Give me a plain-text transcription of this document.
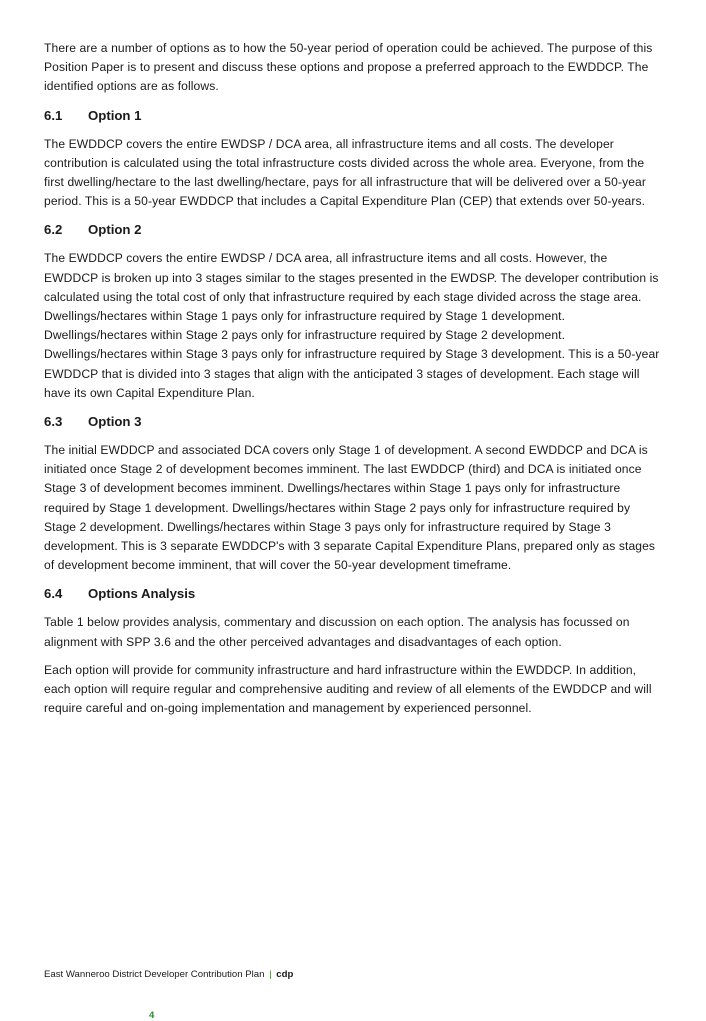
There are a number of options as to how the 50-year period of operation could be achieved. The purpose of this Position Paper is to present and discuss these options and propose a preferred approach to the EWDDCP. The identified options are as follows.

6.1	Option 1

The EWDDCP covers the entire EWDSP / DCA area, all infrastructure items and all costs. The developer contribution is calculated using the total infrastructure costs divided across the whole area. Everyone, from the first dwelling/hectare to the last dwelling/hectare, pays for all infrastructure that will be delivered over a 50-year period. This is a 50-year EWDDCP that includes a Capital Expenditure Plan (CEP) that extends over 50-years.

6.2	Option 2

The EWDDCP covers the entire EWDSP / DCA area, all infrastructure items and all costs. However, the EWDDCP is broken up into 3 stages similar to the stages presented in the EWDSP. The developer contribution is calculated using the total cost of only that infrastructure required by each stage divided across the stage area. Dwellings/hectares within Stage 1 pays only for infrastructure required by Stage 1 development. Dwellings/hectares within Stage 2 pays only for infrastructure required by Stage 2 development. Dwellings/hectares within Stage 3 pays only for infrastructure required by Stage 3 development. This is a 50-year EWDDCP that is divided into 3 stages that align with the anticipated 3 stages of development. Each stage will have its own Capital Expenditure Plan.

6.3	Option 3

The initial EWDDCP and associated DCA covers only Stage 1 of development. A second EWDDCP and DCA is initiated once Stage 2 of development becomes imminent. The last EWDDCP (third) and DCA is initiated once Stage 3 of development becomes imminent. Dwellings/hectares within Stage 1 pays only for infrastructure required by Stage 1 development. Dwellings/hectares within Stage 2 pays only for infrastructure required by Stage 2 development. Dwellings/hectares within Stage 3 pays only for infrastructure required by Stage 3 development. This is 3 separate EWDDCP's with 3 separate Capital Expenditure Plans, prepared only as stages of development become imminent, that will cover the 50-year development timeframe.

6.4	Options Analysis

Table 1 below provides analysis, commentary and discussion on each option. The analysis has focussed on alignment with SPP 3.6 and the other perceived advantages and disadvantages of each option.

Each option will provide for community infrastructure and hard infrastructure within the EWDDCP. In addition, each option will require regular and comprehensive auditing and review of all elements of the EWDDCP and will require careful and on-going implementation and management by experienced personnel.

East Wanneroo District Developer Contribution Plan | cdp
4
